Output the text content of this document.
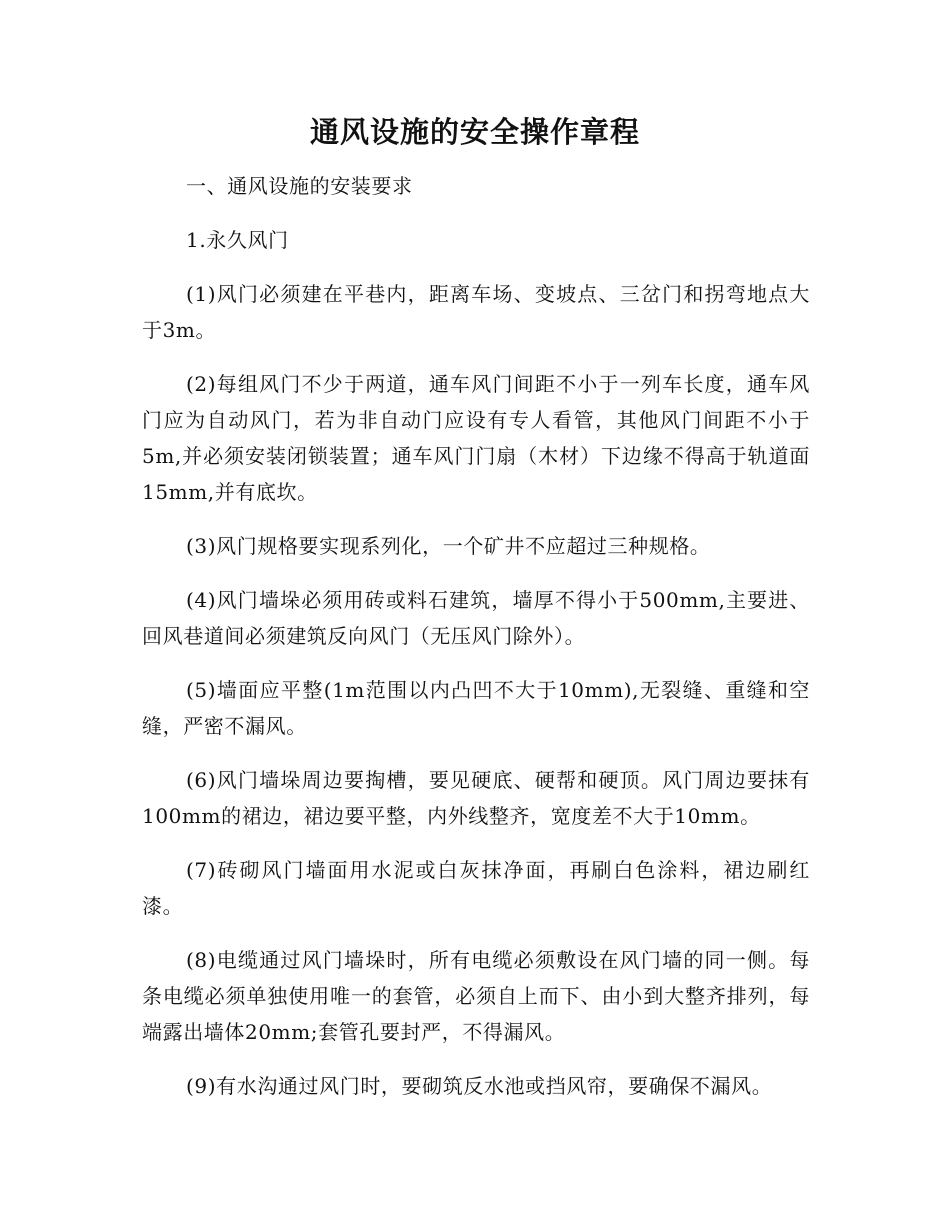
通风设施的安全操作章程

一、通风设施的安装要求

1.永久风门

(1)风门必须建在平巷内，距离车场、变坡点、三岔门和拐弯地点大于3m。

(2)每组风门不少于两道，通车风门间距不小于一列车长度，通车风门应为自动风门，若为非自动门应设有专人看管，其他风门间距不小于5m,并必须安装闭锁装置；通车风门门扇（木材）下边缘不得高于轨道面15mm,并有底坎。

(3)风门规格要实现系列化，一个矿井不应超过三种规格。

(4)风门墙垛必须用砖或料石建筑，墙厚不得小于500mm,主要进、回风巷道间必须建筑反向风门（无压风门除外）。

(5)墙面应平整(1m范围以内凸凹不大于10mm),无裂缝、重缝和空缝，严密不漏风。

(6)风门墙垛周边要掏槽，要见硬底、硬帮和硬顶。风门周边要抹有100mm的裙边，裙边要平整，内外线整齐，宽度差不大于10mm。

(7)砖砌风门墙面用水泥或白灰抹净面，再刷白色涂料，裙边刷红漆。

(8)电缆通过风门墙垛时，所有电缆必须敷设在风门墙的同一侧。每条电缆必须单独使用唯一的套管，必须自上而下、由小到大整齐排列，每端露出墙体20mm;套管孔要封严，不得漏风。

(9)有水沟通过风门时，要砌筑反水池或挡风帘，要确保不漏风。
